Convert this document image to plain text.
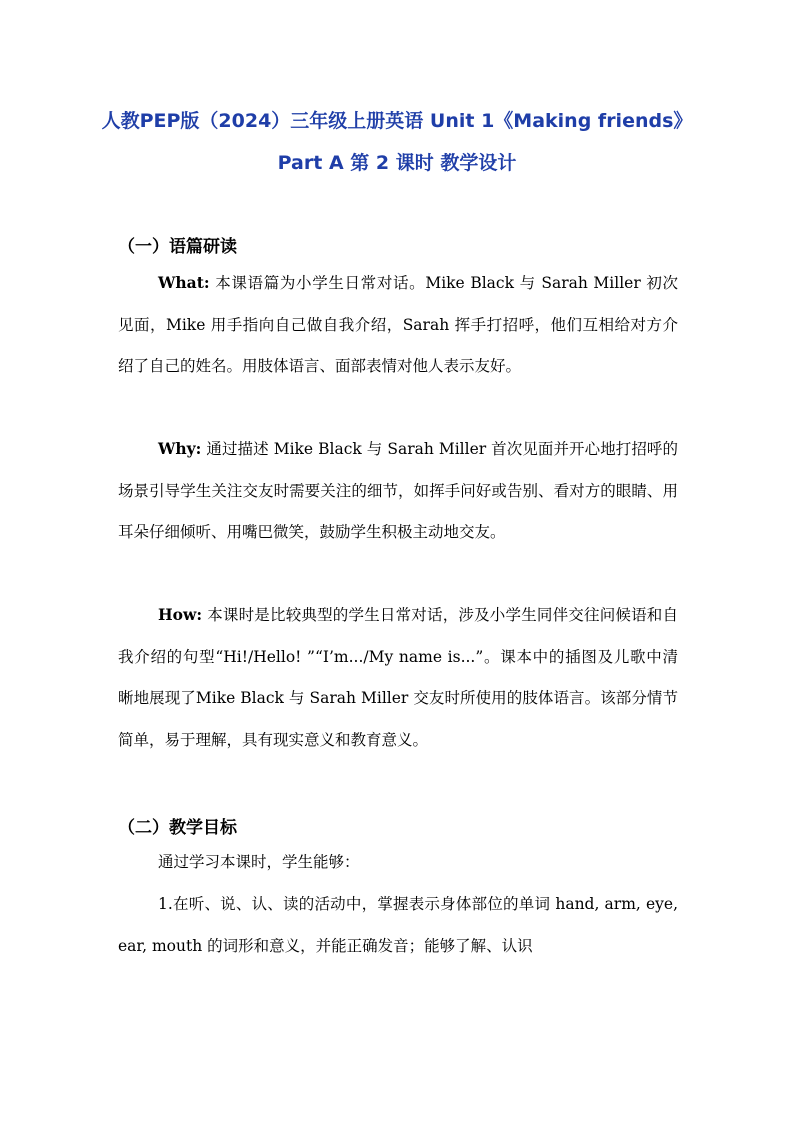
人教PEP版（2024）三年级上册英语 Unit 1《Making friends》
Part A 第 2 课时 教学设计
（一）语篇研读

What: 本课语篇为小学生日常对话。Mike Black 与 Sarah Miller 初次见面，Mike 用手指向自己做自我介绍，Sarah 挥手打招呼，他们互相给对方介绍了自己的姓名。用肢体语言、面部表情对他人表示友好。

Why: 通过描述 Mike Black 与 Sarah Miller 首次见面并开心地打招呼的场景引导学生关注交友时需要关注的细节，如挥手问好或告别、看对方的眼睛、用耳朵仔细倾听、用嘴巴微笑，鼓励学生积极主动地交友。

How: 本课时是比较典型的学生日常对话，涉及小学生同伴交往问候语和自我介绍的句型“Hi!/Hello! ”“I’m.../My name is...”。课本中的插图及儿歌中清晰地展现了Mike Black 与 Sarah Miller 交友时所使用的肢体语言。该部分情节简单，易于理解，具有现实意义和教育意义。

（二）教学目标

通过学习本课时，学生能够：

1.在听、说、认、读的活动中，掌握表示身体部位的单词 hand, arm, eye, ear, mouth 的词形和意义，并能正确发音；能够了解、认识
